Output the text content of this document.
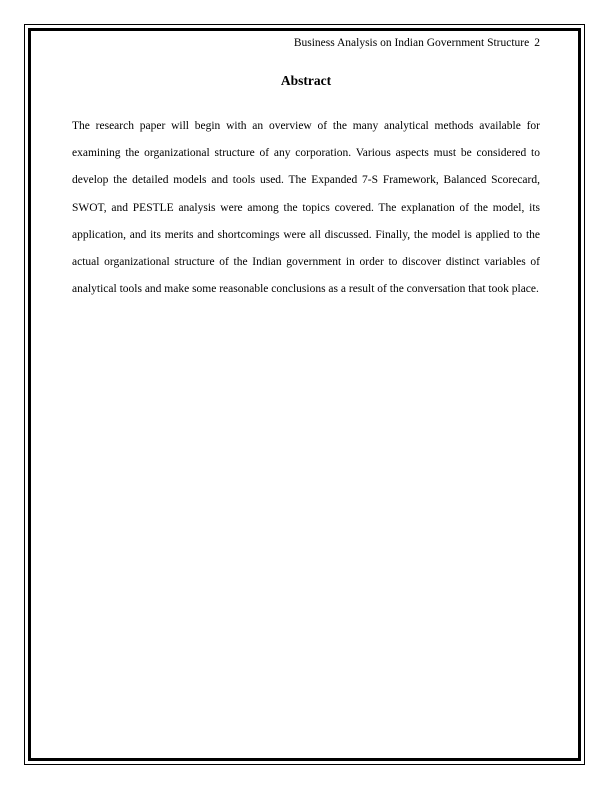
Business Analysis on Indian Government Structure 2
Abstract

The research paper will begin with an overview of the many analytical methods available for examining the organizational structure of any corporation. Various aspects must be considered to develop the detailed models and tools used. The Expanded 7-S Framework, Balanced Scorecard, SWOT, and PESTLE analysis were among the topics covered. The explanation of the model, its application, and its merits and shortcomings were all discussed. Finally, the model is applied to the actual organizational structure of the Indian government in order to discover distinct variables of analytical tools and make some reasonable conclusions as a result of the conversation that took place.
